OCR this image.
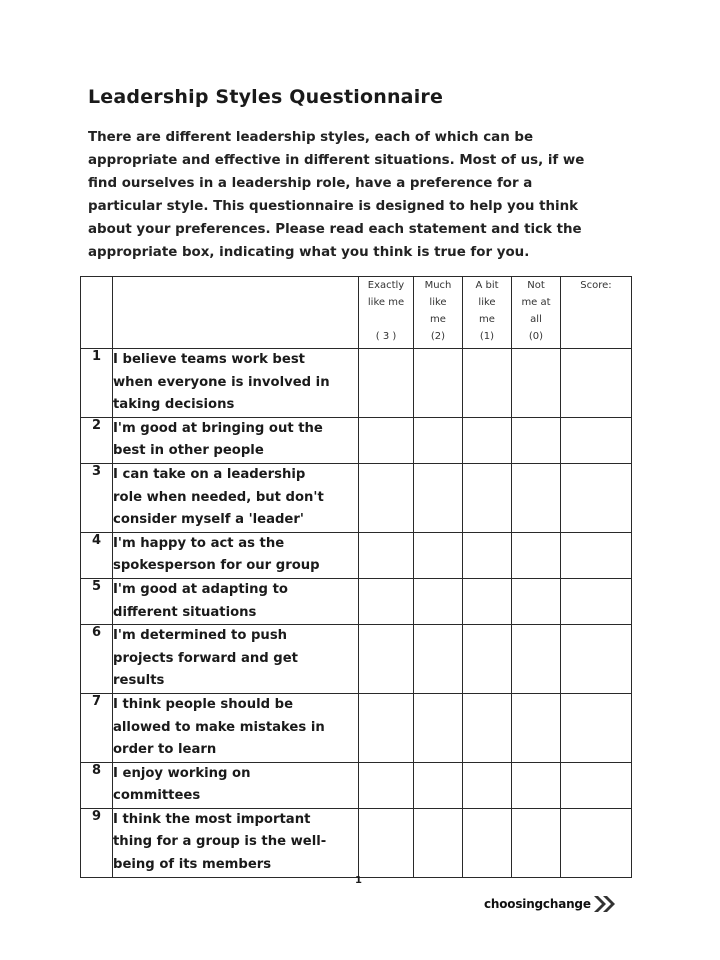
Leadership Styles Questionnaire
There are different leadership styles, each of which can be
appropriate and effective in different situations. Most of us, if we
find ourselves in a leadership role, have a preference for a
particular style. This questionnaire is designed to help you think
about your preferences. Please read each statement and tick the
appropriate box, indicating what you think is true for you.

		Exactly
like me

( 3 )	Much
like
me
(2)	A bit
like
me
(1)	Not
me at
all
(0)	Score:

1	I believe teams work best
when everyone is involved in
taking decisions					

2	I'm good at bringing out the
best in other people					

3	I can take on a leadership
role when needed, but don't
consider myself a 'leader'					

4	I'm happy to act as the
spokesperson for our group					

5	I'm good at adapting to
different situations					

6	I'm determined to push
projects forward and get
results					

7	I think people should be
allowed to make mistakes in
order to learn					

8	I enjoy working on
committees					

9	I think the most important
thing for a group is the well-
being of its members					

1
choosingchange
